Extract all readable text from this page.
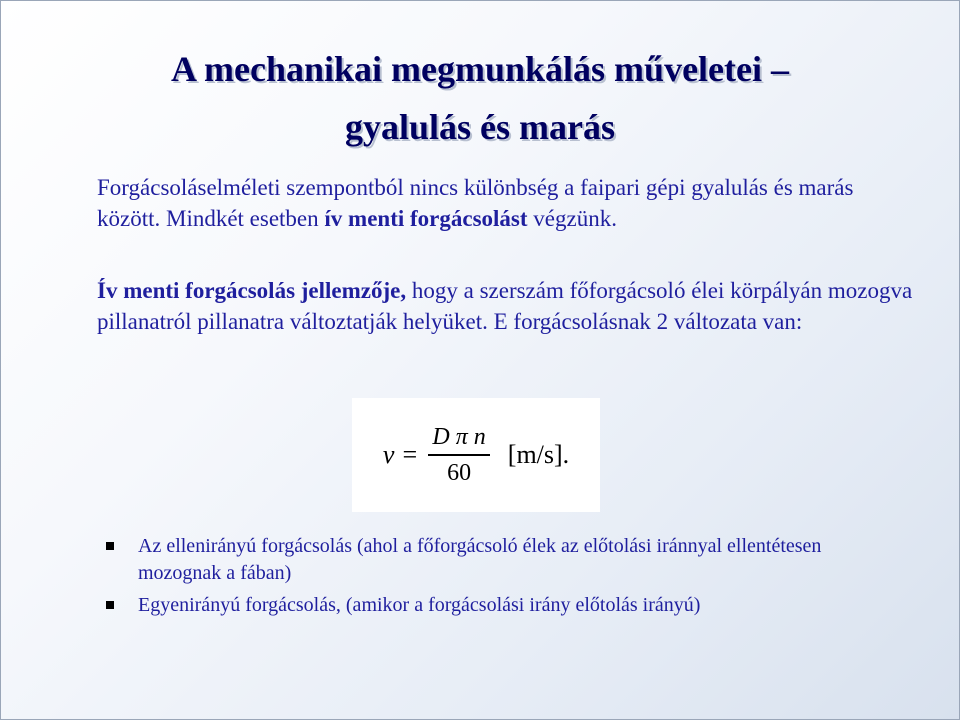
A mechanikai megmunkálás műveletei –
gyalulás és marás
Forgácsoláselméleti szempontból nincs különbség a faipari gépi gyalulás és marás között. Mindkét esetben ív menti forgácsolást végzünk.
Ív menti forgácsolás jellemzője, hogy a szerszám főforgácsoló élei körpályán mozogva pillanatról pillanatra változtatják helyüket. E forgácsolásnak 2 változata van:
$v = \frac{\text{D π n}}{60} [m/s]$.
Az ellenirányú forgácsolás (ahol a főforgácsoló élek az előtolási iránnyal ellentétesen mozognak a fában)
Egyenirányú forgácsolás, (amikor a forgácsolási irány előtolás irányú)
